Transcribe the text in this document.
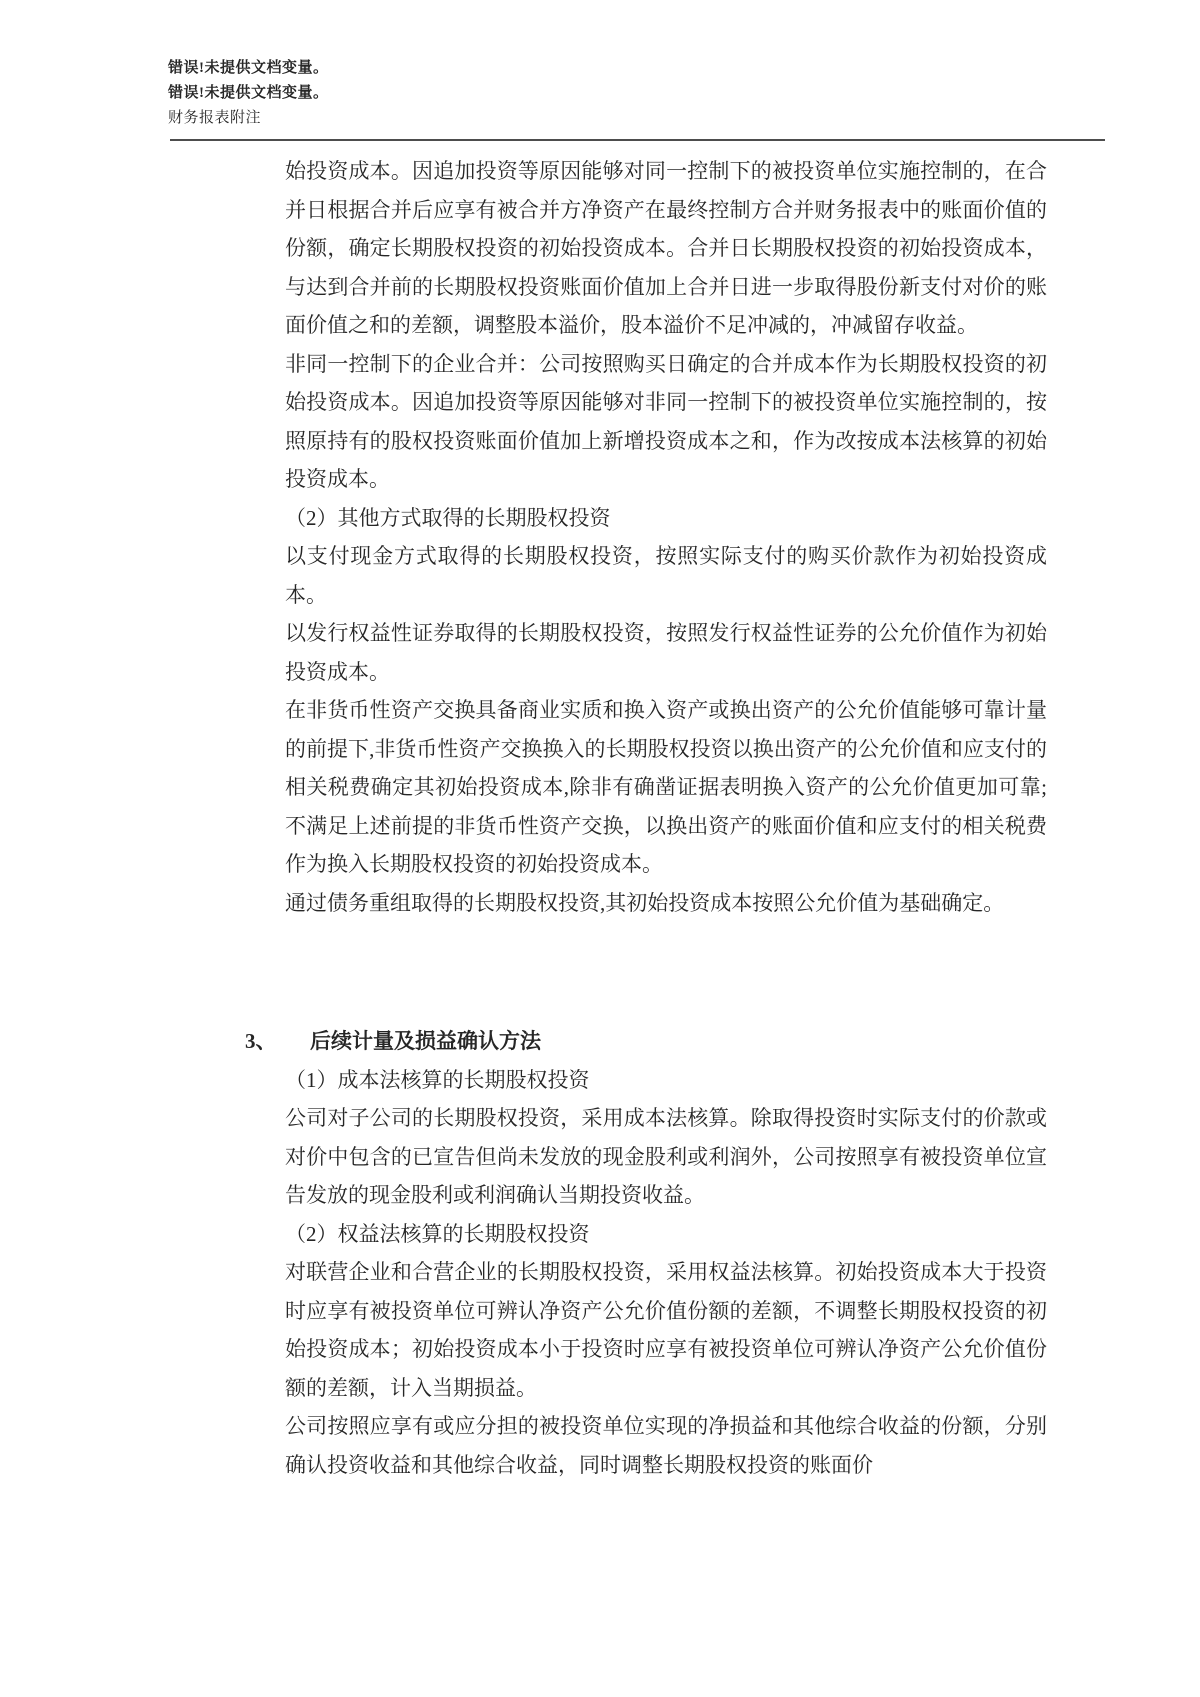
错误!未提供文档变量。
错误!未提供文档变量。
财务报表附注

始投资成本。因追加投资等原因能够对同一控制下的被投资单位实施控制的，在合并日根据合并后应享有被合并方净资产在最终控制方合并财务报表中的账面价值的份额，确定长期股权投资的初始投资成本。合并日长期股权投资的初始投资成本，与达到合并前的长期股权投资账面价值加上合并日进一步取得股份新支付对价的账面价值之和的差额，调整股本溢价，股本溢价不足冲减的，冲减留存收益。

非同一控制下的企业合并：公司按照购买日确定的合并成本作为长期股权投资的初始投资成本。因追加投资等原因能够对非同一控制下的被投资单位实施控制的，按照原持有的股权投资账面价值加上新增投资成本之和，作为改按成本法核算的初始投资成本。

（2）其他方式取得的长期股权投资

以支付现金方式取得的长期股权投资，按照实际支付的购买价款作为初始投资成本。

以发行权益性证券取得的长期股权投资，按照发行权益性证券的公允价值作为初始投资成本。

在非货币性资产交换具备商业实质和换入资产或换出资产的公允价值能够可靠计量的前提下,非货币性资产交换换入的长期股权投资以换出资产的公允价值和应支付的相关税费确定其初始投资成本,除非有确凿证据表明换入资产的公允价值更加可靠;不满足上述前提的非货币性资产交换，以换出资产的账面价值和应支付的相关税费作为换入长期股权投资的初始投资成本。

通过债务重组取得的长期股权投资,其初始投资成本按照公允价值为基础确定。

3、 后续计量及损益确认方法

（1）成本法核算的长期股权投资

公司对子公司的长期股权投资，采用成本法核算。除取得投资时实际支付的价款或对价中包含的已宣告但尚未发放的现金股利或利润外，公司按照享有被投资单位宣告发放的现金股利或利润确认当期投资收益。

（2）权益法核算的长期股权投资

对联营企业和合营企业的长期股权投资，采用权益法核算。初始投资成本大于投资时应享有被投资单位可辨认净资产公允价值份额的差额，不调整长期股权投资的初始投资成本；初始投资成本小于投资时应享有被投资单位可辨认净资产公允价值份额的差额，计入当期损益。

公司按照应享有或应分担的被投资单位实现的净损益和其他综合收益的份额，分别确认投资收益和其他综合收益，同时调整长期股权投资的账面价
